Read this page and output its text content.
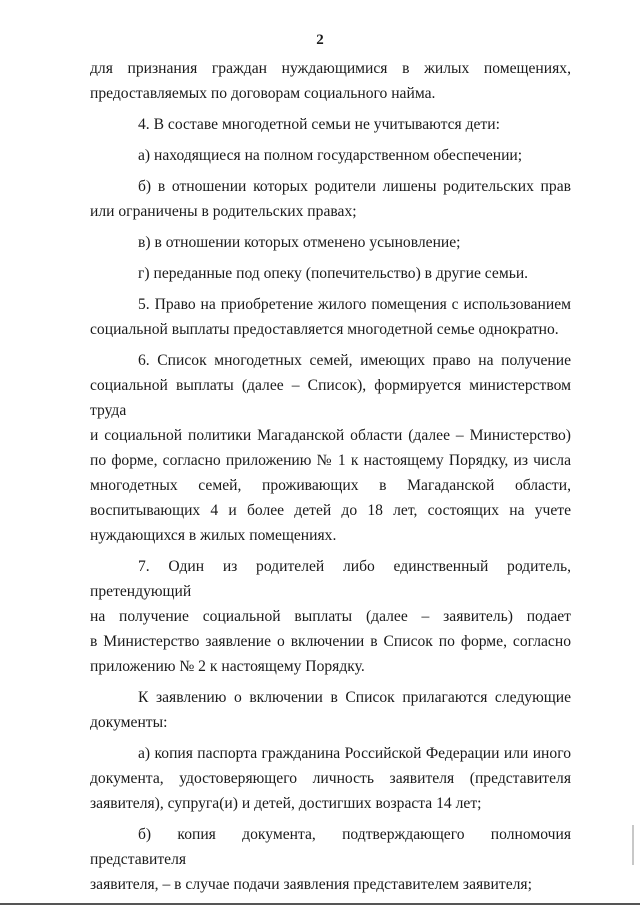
2
для признания граждан нуждающимися в жилых помещениях,
предоставляемых по договорам социального найма.
4. В составе многодетной семьи не учитываются дети:
а) находящиеся на полном государственном обеспечении;
б) в отношении которых родители лишены родительских прав
или ограничены в родительских правах;
в) в отношении которых отменено усыновление;
г) переданные под опеку (попечительство) в другие семьи.
5. Право на приобретение жилого помещения с использованием
социальной выплаты предоставляется многодетной семье однократно.
6. Список многодетных семей, имеющих право на получение
социальной выплаты (далее – Список), формируется министерством труда
и социальной политики Магаданской области (далее – Министерство)
по форме, согласно приложению № 1 к настоящему Порядку, из числа
многодетных семей, проживающих в Магаданской области,
воспитывающих 4 и более детей до 18 лет, состоящих на учете
нуждающихся в жилых помещениях.
7. Один из родителей либо единственный родитель, претендующий
на получение социальной выплаты (далее – заявитель) подает
в Министерство заявление о включении в Список по форме, согласно
приложению № 2 к настоящему Порядку.
К заявлению о включении в Список прилагаются следующие
документы:
а) копия паспорта гражданина Российской Федерации или иного
документа, удостоверяющего личность заявителя (представителя
заявителя), супруга(и) и детей, достигших возраста 14 лет;
б) копия документа, подтверждающего полномочия представителя
заявителя, – в случае подачи заявления представителем заявителя;
